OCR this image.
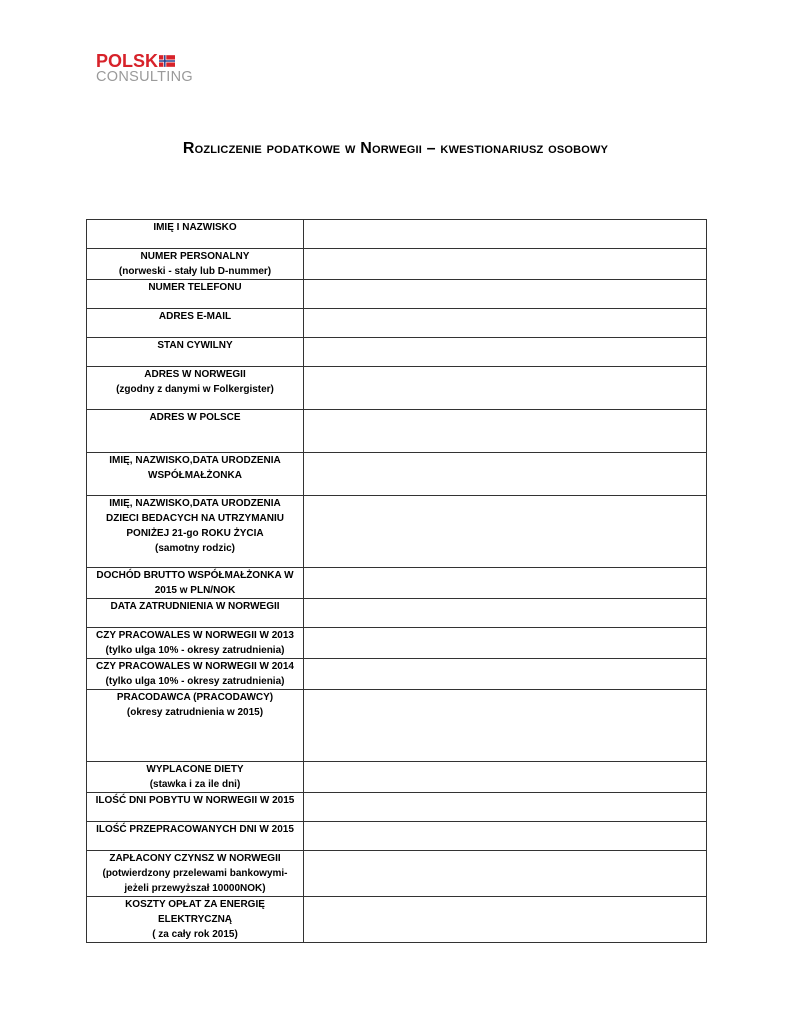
POLSK
CONSULTING
Rozliczenie podatkowe w Norwegii – kwestionariusz osobowy
IMIĘ I NAZWISKO	

NUMER PERSONALNY
(norweski - stały lub D-nummer)	

NUMER TELEFONU	

ADRES E-MAIL	

STAN CYWILNY	

ADRES W NORWEGII
(zgodny z danymi w Folkergister)	

ADRES W POLSCE	

IMIĘ, NAZWISKO,DATA URODZENIA
WSPÓŁMAŁŻONKA	

IMIĘ, NAZWISKO,DATA URODZENIA
DZIECI BEDACYCH NA UTRZYMANIU
PONIŻEJ 21-go ROKU ŻYCIA
(samotny rodzic)	

DOCHÓD BRUTTO WSPÓŁMAŁŻONKA W
2015 w PLN/NOK	

DATA ZATRUDNIENIA W NORWEGII	

CZY PRACOWALES W NORWEGII W 2013
(tylko ulga 10% - okresy zatrudnienia)	

CZY PRACOWALES W NORWEGII W 2014
(tylko ulga 10% - okresy zatrudnienia)	

PRACODAWCA (PRACODAWCY)
(okresy zatrudnienia w 2015)	

WYPLACONE DIETY
(stawka i za ile dni)	

ILOŚĆ DNI POBYTU W NORWEGII W 2015	

ILOŚĆ PRZEPRACOWANYCH DNI W 2015	

ZAPŁACONY CZYNSZ W NORWEGII
(potwierdzony przelewami bankowymi-
jeżeli przewyższał 10000NOK)	

KOSZTY OPŁAT ZA ENERGIĘ ELEKTRYCZNĄ
( za cały rok 2015)	
